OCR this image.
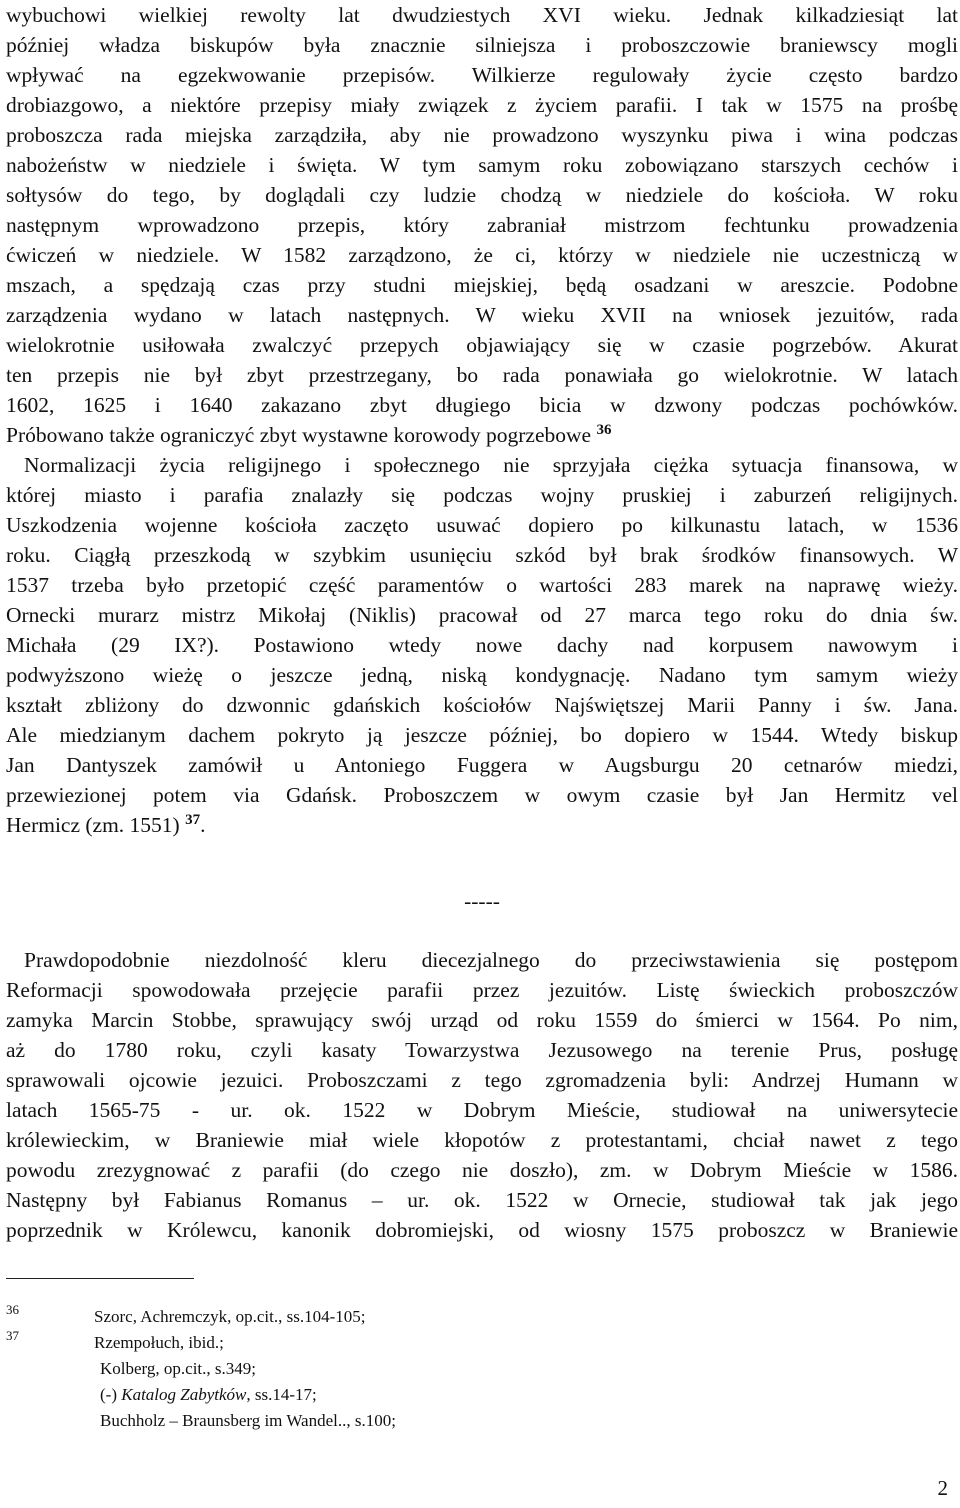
wybuchowi wielkiej rewolty lat dwudziestych XVI wieku. Jednak kilkadziesiąt lat
później władza biskupów była znacznie silniejsza i proboszczowie braniewscy mogli
wpływać na egzekwowanie przepisów. Wilkierze regulowały życie często bardzo
drobiazgowo, a niektóre przepisy miały związek z życiem parafii. I tak w 1575 na prośbę
proboszcza rada miejska zarządziła, aby nie prowadzono wyszynku piwa i wina podczas
nabożeństw w niedziele i święta. W tym samym roku zobowiązano starszych cechów i
sołtysów do tego, by doglądali czy ludzie chodzą w niedziele do kościoła. W roku
następnym wprowadzono przepis, który zabraniał mistrzom fechtunku prowadzenia
ćwiczeń w niedziele. W 1582 zarządzono, że ci, którzy w niedziele nie uczestniczą w
mszach, a spędzają czas przy studni miejskiej, będą osadzani w areszcie. Podobne
zarządzenia wydano w latach następnych. W wieku XVII na wniosek jezuitów, rada
wielokrotnie usiłowała zwalczyć przepych objawiający się w czasie pogrzebów. Akurat
ten przepis nie był zbyt przestrzegany, bo rada ponawiała go wielokrotnie. W latach
1602, 1625 i 1640 zakazano zbyt długiego bicia w dzwony podczas pochówków.
Próbowano także ograniczyć zbyt wystawne korowody pogrzebowe $^{36}$
Normalizacji życia religijnego i społecznego nie sprzyjała ciężka sytuacja finansowa, w
której miasto i parafia znalazły się podczas wojny pruskiej i zaburzeń religijnych.
Uszkodzenia wojenne kościoła zaczęto usuwać dopiero po kilkunastu latach, w 1536
roku. Ciągłą przeszkodą w szybkim usunięciu szkód był brak środków finansowych. W
1537 trzeba było przetopić część paramentów o wartości 283 marek na naprawę wieży.
Ornecki murarz mistrz Mikołaj (Niklis) pracował od 27 marca tego roku do dnia św.
Michała (29 IX?). Postawiono wtedy nowe dachy nad korpusem nawowym i
podwyższono wieżę o jeszcze jedną, niską kondygnację. Nadano tym samym wieży
kształt zbliżony do dzwonnic gdańskich kościołów Najświętszej Marii Panny i św. Jana.
Ale miedzianym dachem pokryto ją jeszcze później, bo dopiero w 1544. Wtedy biskup
Jan Dantyszek zamówił u Antoniego Fuggera w Augsburgu 20 cetnarów miedzi,
przewiezionej potem via Gdańsk. Proboszczem w owym czasie był Jan Hermitz vel
Hermicz (zm. 1551) $^{37}$.
-----
Prawdopodobnie niezdolność kleru diecezjalnego do przeciwstawienia się postępom
Reformacji spowodowała przejęcie parafii przez jezuitów. Listę świeckich proboszczów
zamyka Marcin Stobbe, sprawujący swój urząd od roku 1559 do śmierci w 1564. Po nim,
aż do 1780 roku, czyli kasaty Towarzystwa Jezusowego na terenie Prus, posługę
sprawowali ojcowie jezuici. Proboszczami z tego zgromadzenia byli: Andrzej Humann w
latach 1565-75 - ur. ok. 1522 w Dobrym Mieście, studiował na uniwersytecie
królewieckim, w Braniewie miał wiele kłopotów z protestantami, chciał nawet z tego
powodu zrezygnować z parafii (do czego nie doszło), zm. w Dobrym Mieście w 1586.
Następny był Fabianus Romanus – ur. ok. 1522 w Ornecie, studiował tak jak jego
poprzednik w Królewcu, kanonik dobromiejski, od wiosny 1575 proboszcz w Braniewie
36
37
Szorc, Achremczyk, op.cit., ss.104-105;
Rzempołuch, ibid.;
Kolberg, op.cit., s.349;
(-) Katalog Zabytków, ss.14-17;
Buchholz – Braunsberg im Wandel.., s.100;
2
